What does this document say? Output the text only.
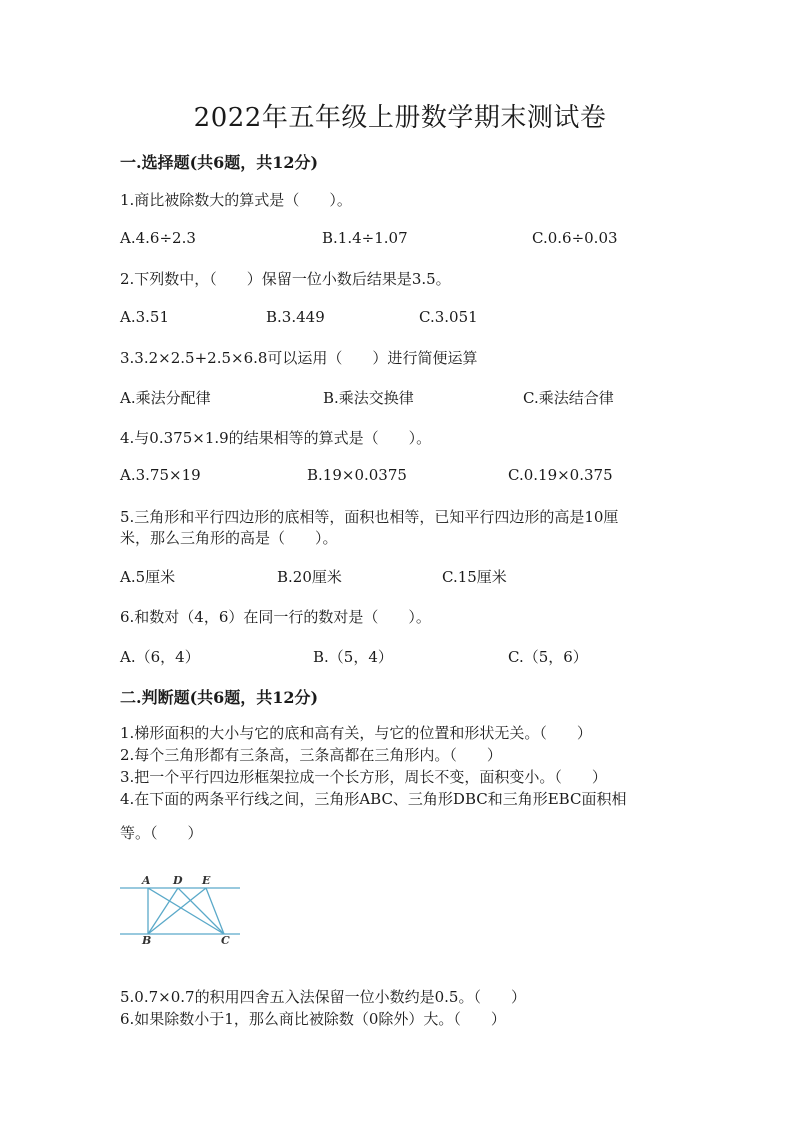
2022年五年级上册数学期末测试卷
一.选择题(共6题，共12分)
1.商比被除数大的算式是（　　）。
A.4.6÷2.3	B.1.4÷1.07	C.0.6÷0.03
2.下列数中，（　　）保留一位小数后结果是3.5。
A.3.51	B.3.449	C.3.051
3.3.2×2.5+2.5×6.8可以运用（　　）进行简便运算
A.乘法分配律	B.乘法交换律	C.乘法结合律
4.与0.375×1.9的结果相等的算式是（　　）。
A.3.75×19	B.19×0.0375	C.0.19×0.375
5.三角形和平行四边形的底相等，面积也相等，已知平行四边形的高是10厘
米，那么三角形的高是（　　）。
A.5厘米	B.20厘米	C.15厘米
6.和数对（4，6）在同一行的数对是（　　）。
A.（6，4）	B.（5，4）	C.（5，6）
二.判断题(共6题，共12分)
1.梯形面积的大小与它的底和高有关，与它的位置和形状无关。（　　）
2.每个三角形都有三条高，三条高都在三角形内。（　　）
3.把一个平行四边形框架拉成一个长方形，周长不变，面积变小。（　　）
4.在下面的两条平行线之间，三角形ABC、三角形DBC和三角形EBC面积相
等。（　　）
A D E
B	C
5.0.7×0.7的积用四舍五入法保留一位小数约是0.5。（　　）
6.如果除数小于1，那么商比被除数（0除外）大。（　　）
